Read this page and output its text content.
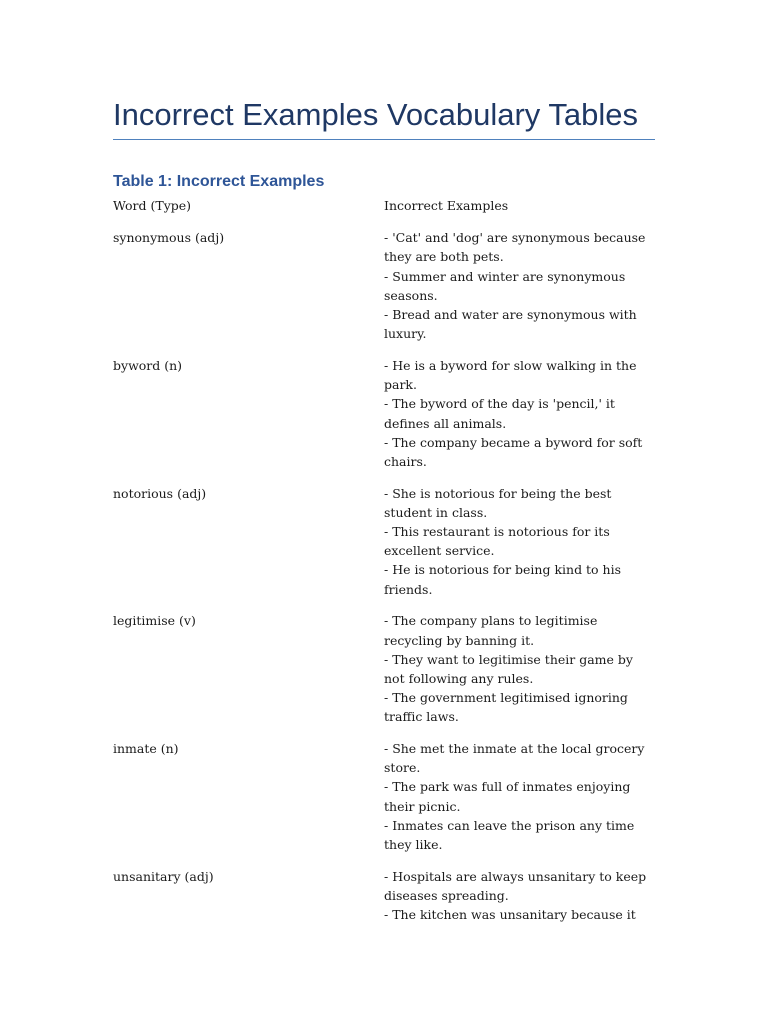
Incorrect Examples Vocabulary Tables
Table 1: Incorrect Examples
Word (Type)	Incorrect Examples
synonymous (adj)	- 'Cat' and 'dog' are synonymous because they are both pets.
- Summer and winter are synonymous seasons.
- Bread and water are synonymous with luxury.

byword (n)	- He is a byword for slow walking in the park.
- The byword of the day is 'pencil,' it defines all animals.
- The company became a byword for soft chairs.

notorious (adj)	- She is notorious for being the best student in class.
- This restaurant is notorious for its excellent service.
- He is notorious for being kind to his friends.

legitimise (v)	- The company plans to legitimise recycling by banning it.
- They want to legitimise their game by not following any rules.
- The government legitimised ignoring traffic laws.

inmate (n)	- She met the inmate at the local grocery store.
- The park was full of inmates enjoying their picnic.
- Inmates can leave the prison any time they like.

unsanitary (adj)	- Hospitals are always unsanitary to keep diseases spreading.
- The kitchen was unsanitary because it
